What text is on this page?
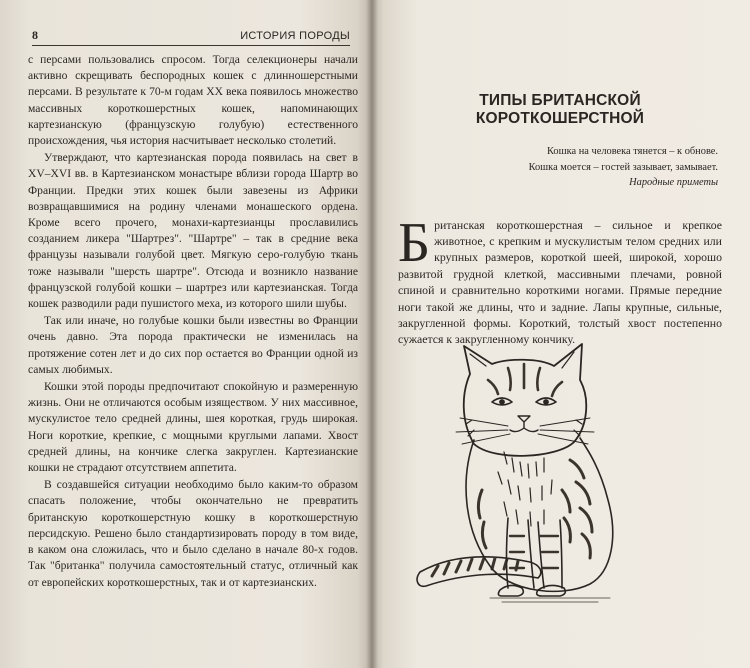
8	ИСТОРИЯ ПОРОДЫ

с персами пользовались спросом. Тогда селекционеры начали активно скрещивать беспородных кошек с длинношерстными персами. В результате к 70-м годам XX века появилось множество массивных короткошерстных кошек, напоминающих картезианскую (французскую голубую) естественного происхождения, чья история насчитывает несколько столетий.

Утверждают, что картезианская порода появилась на свет в XV–XVI вв. в Картезианском монастыре вблизи города Шартр во Франции. Предки этих кошек были завезены из Африки возвращавшимися на родину членами монашеского ордена. Кроме всего прочего, монахи-картезианцы прославились созданием ликера "Шартрез". "Шартре" – так в средние века французы называли голубой цвет. Мягкую серо-голубую ткань тоже называли "шерсть шартре". Отсюда и возникло название французской голубой кошки – шартрез или картезианская. Тогда кошек разводили ради пушистого меха, из которого шили шубы.

Так или иначе, но голубые кошки были известны во Франции очень давно. Эта порода практически не изменилась на протяжение сотен лет и до сих пор остается во Франции одной из самых любимых.

Кошки этой породы предпочитают спокойную и размеренную жизнь. Они не отличаются особым изяществом. У них массивное, мускулистое тело средней длины, шея короткая, грудь широкая. Ноги короткие, крепкие, с мощными круглыми лапами. Хвост средней длины, на кончике слегка закруглен. Картезианские кошки не страдают отсутствием аппетита.

В создавшейся ситуации необходимо было каким-то образом спасать положение, чтобы окончательно не превратить британскую короткошерстную кошку в короткошерстную персидскую. Решено было стандартизировать породу в том виде, в каком она сложилась, что и было сделано в начале 80-х годов. Так "британка" получила самостоятельный статус, отличный как от европейских короткошерстных, так и от картезианских.

ТИПЫ БРИТАНСКОЙ КОРОТКОШЕРСТНОЙ
Кошка на человека тянется – к обнове.
Кошка моется – гостей зазывает, замывает.
Народные приметы
Британская короткошерстная – сильное и крепкое животное, с крепким и мускулистым телом средних или крупных размеров, короткой шеей, широкой, хорошо развитой грудной клеткой, массивными плечами, ровной спиной и сравнительно короткими ногами. Прямые передние ноги такой же длины, что и задние. Лапы крупные, сильные, закругленной формы. Короткий, толстый хвост постепенно сужается к закругленному кончику.
